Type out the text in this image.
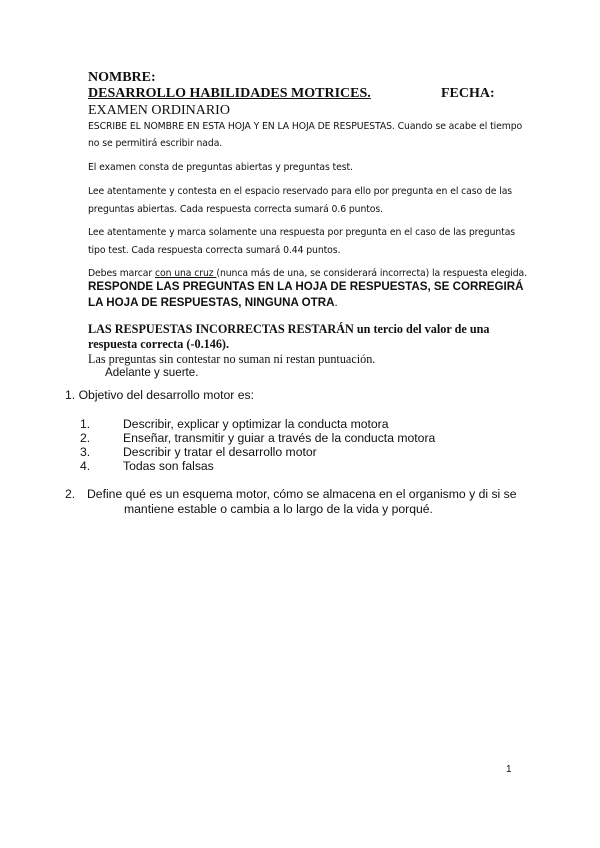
NOMBRE:
DESARROLLO HABILIDADES MOTRICES.	FECHA:
EXAMEN ORDINARIO
ESCRIBE EL NOMBRE EN ESTA HOJA Y EN LA HOJA DE RESPUESTAS. Cuando se acabe el tiempo
no se permitirá escribir nada.
El examen consta de preguntas abiertas y preguntas test.
Lee atentamente y contesta en el espacio reservado para ello por pregunta en el caso de las
preguntas abiertas. Cada respuesta correcta sumará 0.6 puntos.
Lee atentamente y marca solamente una respuesta por pregunta en el caso de las preguntas
tipo test. Cada respuesta correcta sumará 0.44 puntos.
Debes marcar con una cruz (nunca más de una, se considerará incorrecta) la respuesta elegida.
RESPONDE LAS PREGUNTAS EN LA HOJA DE RESPUESTAS, SE CORREGIRÁ
LA HOJA DE RESPUESTAS, NINGUNA OTRA.
LAS RESPUESTAS INCORRECTAS RESTARÁN un tercio del valor de una
respuesta correcta (-0.146).
Las preguntas sin contestar no suman ni restan puntuación.
Adelante y suerte.
1. Objetivo del desarrollo motor es:
1.	Describir, explicar y optimizar la conducta motora
2.	Enseñar, transmitir y guiar a través de la conducta motora
3.	Describir y tratar el desarrollo motor
4.	Todas son falsas
2. Define qué es un esquema motor, cómo se almacena en el organismo y di si se
mantiene estable o cambia a lo largo de la vida y porqué.
1
